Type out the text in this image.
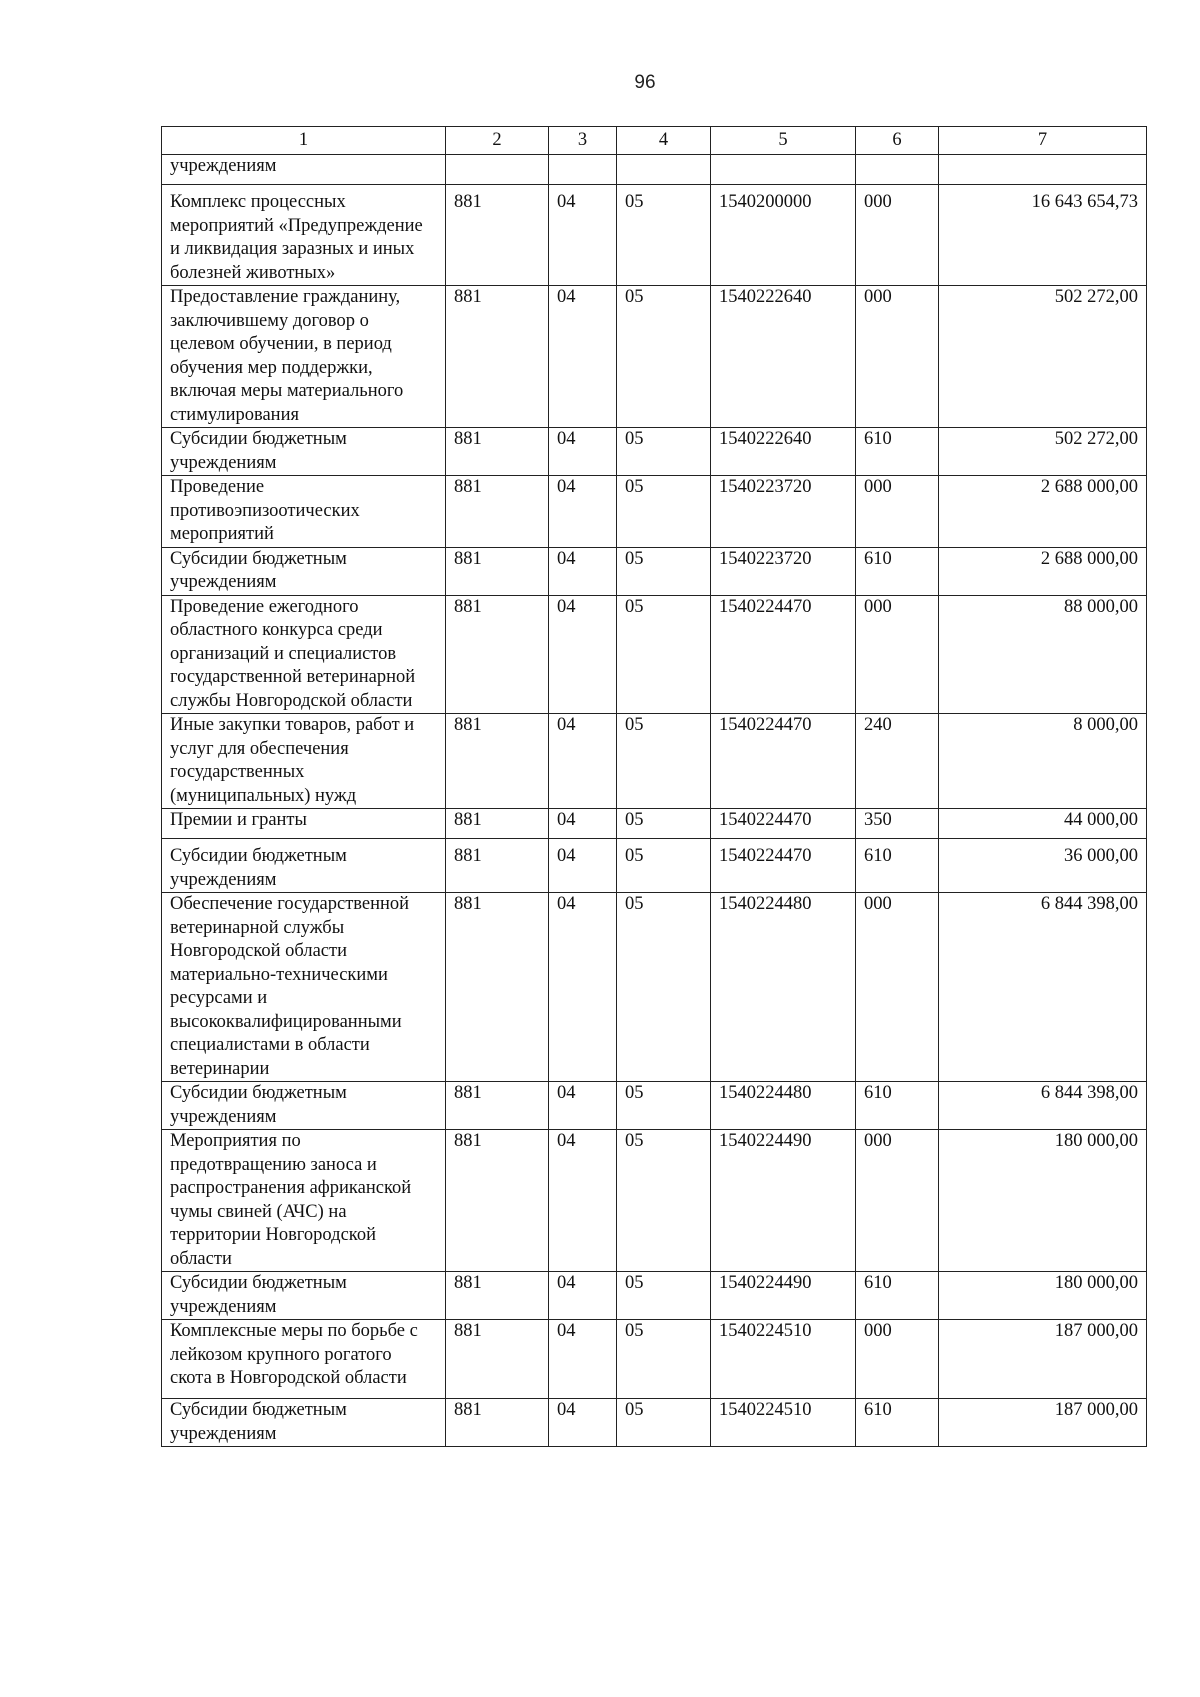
96
1	2	3	4	5	6	7
учреждениям						
Комплекс процессных мероприятий «Предупреждение и ликвидация заразных и иных болезней животных»	881	04	05	1540200000	000	16 643 654,73
Предоставление гражданину, заключившему договор о целевом обучении, в период обучения мер поддержки, включая меры материального стимулирования	881	04	05	1540222640	000	502 272,00
Субсидии бюджетным учреждениям	881	04	05	1540222640	610	502 272,00
Проведение противоэпизоотических мероприятий	881	04	05	1540223720	000	2 688 000,00
Субсидии бюджетным учреждениям	881	04	05	1540223720	610	2 688 000,00
Проведение ежегодного областного конкурса среди организаций и специалистов государственной ветеринарной службы Новгородской области	881	04	05	1540224470	000	88 000,00
Иные закупки товаров, работ и услуг для обеспечения государственных (муниципальных) нужд	881	04	05	1540224470	240	8 000,00
Премии и гранты	881	04	05	1540224470	350	44 000,00
Субсидии бюджетным учреждениям	881	04	05	1540224470	610	36 000,00
Обеспечение государственной ветеринарной службы Новгородской области материально-техническими ресурсами и высококвалифицированными специалистами в области ветеринарии	881	04	05	1540224480	000	6 844 398,00
Субсидии бюджетным учреждениям	881	04	05	1540224480	610	6 844 398,00
Мероприятия по предотвращению заноса и распространения африканской чумы свиней (АЧС) на территории Новгородской области	881	04	05	1540224490	000	180 000,00
Субсидии бюджетным учреждениям	881	04	05	1540224490	610	180 000,00
Комплексные меры по борьбе с лейкозом крупного рогатого скота в Новгородской области	881	04	05	1540224510	000	187 000,00
Субсидии бюджетным учреждениям	881	04	05	1540224510	610	187 000,00
